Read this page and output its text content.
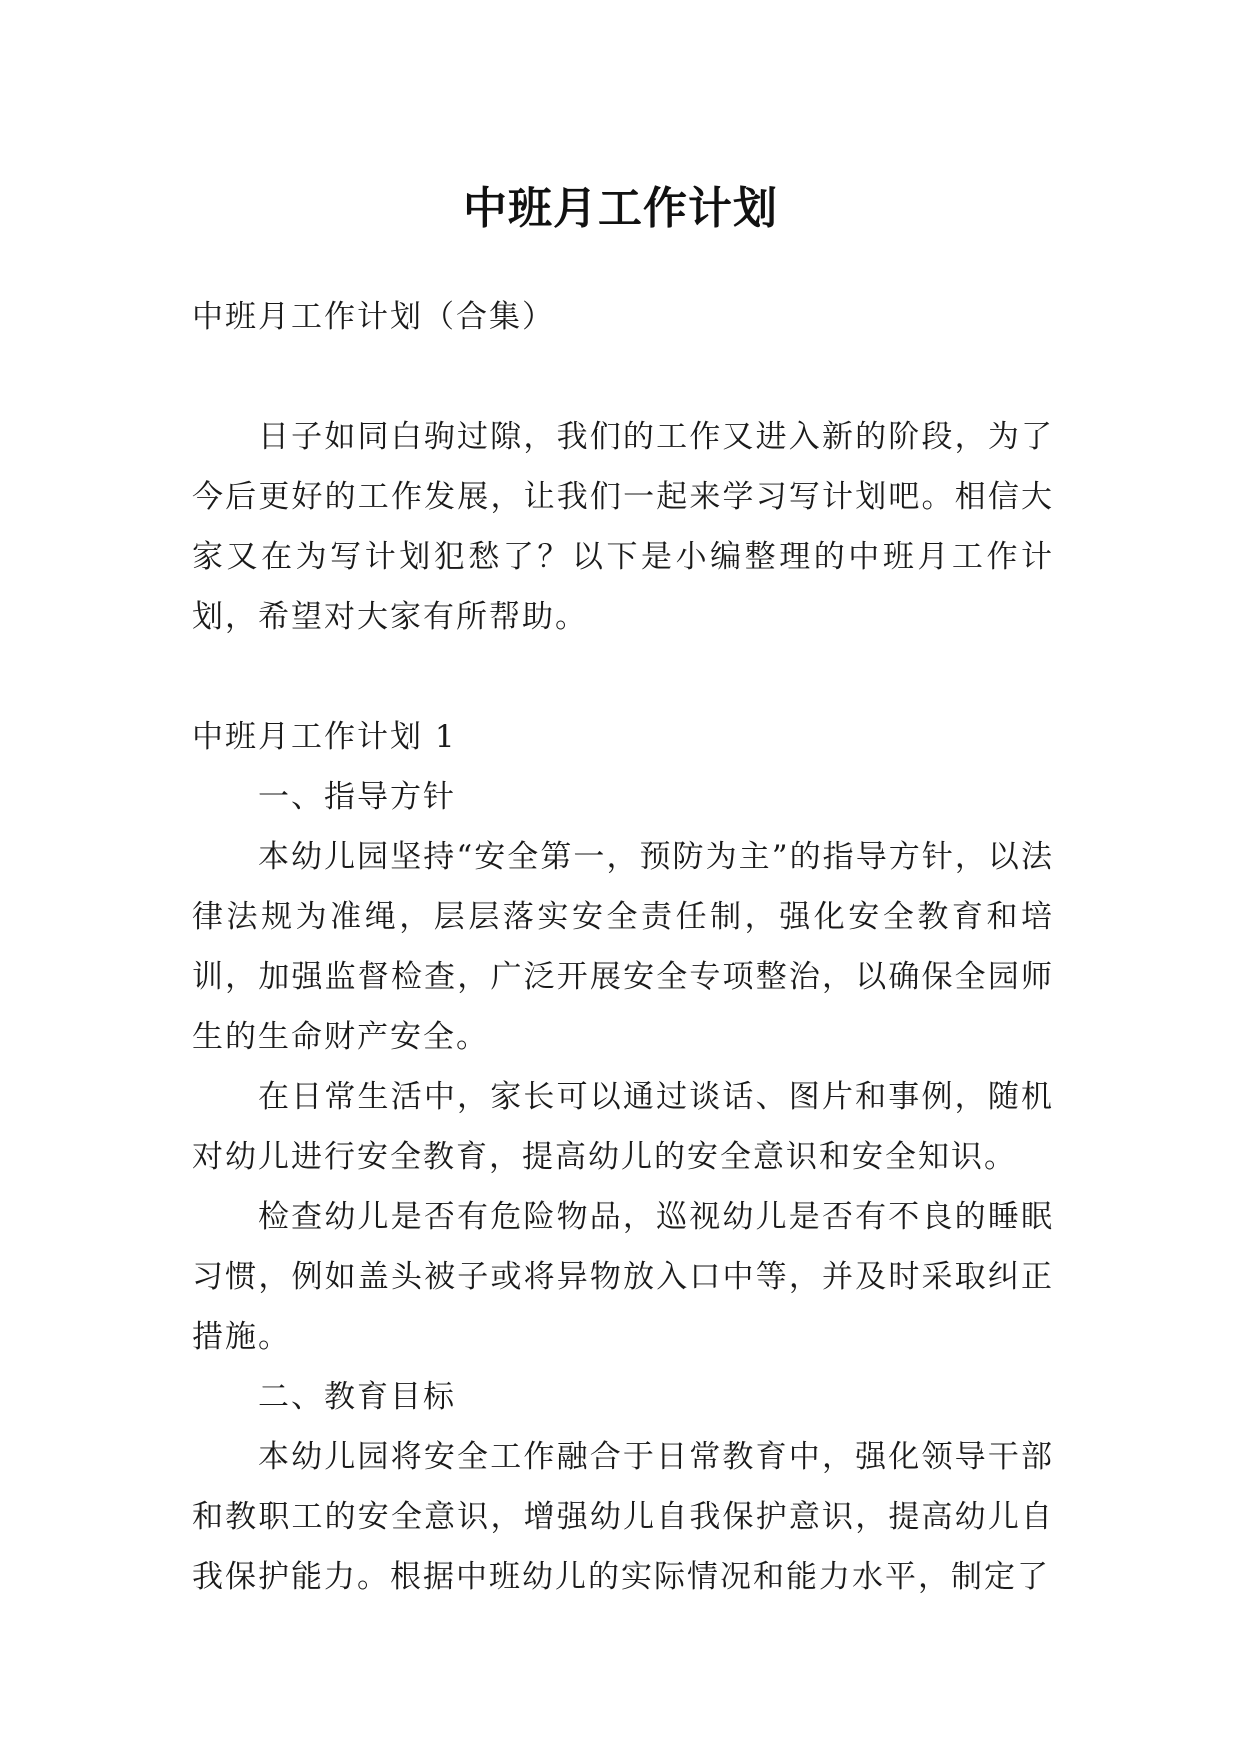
中班月工作计划

中班月工作计划（合集）

日子如同白驹过隙，我们的工作又进入新的阶段，为了今后更好的工作发展，让我们一起来学习写计划吧。相信大家又在为写计划犯愁了？以下是小编整理的中班月工作计划，希望对大家有所帮助。

中班月工作计划 1

一、指导方针

本幼儿园坚持“安全第一，预防为主”的指导方针，以法律法规为准绳，层层落实安全责任制，强化安全教育和培训，加强监督检查，广泛开展安全专项整治，以确保全园师生的生命财产安全。

在日常生活中，家长可以通过谈话、图片和事例，随机对幼儿进行安全教育，提高幼儿的安全意识和安全知识。

检查幼儿是否有危险物品，巡视幼儿是否有不良的睡眠习惯，例如盖头被子或将异物放入口中等，并及时采取纠正措施。

二、教育目标

本幼儿园将安全工作融合于日常教育中，强化领导干部和教职工的安全意识，增强幼儿自我保护意识，提高幼儿自我保护能力。根据中班幼儿的实际情况和能力水平，制定了
